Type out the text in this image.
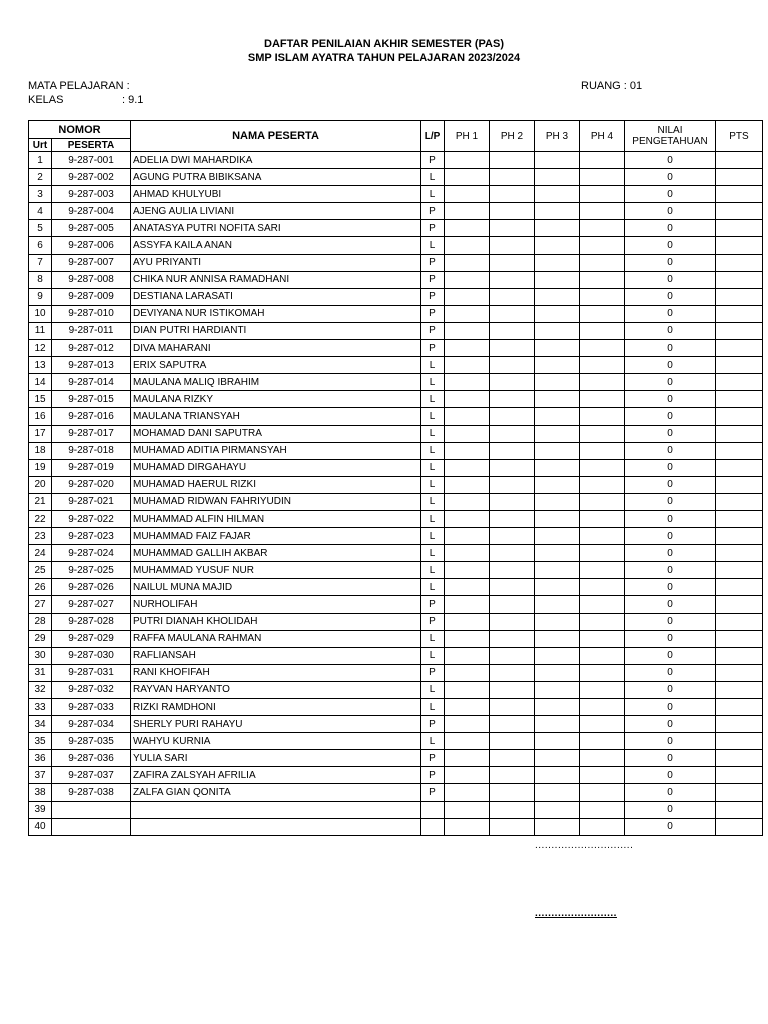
DAFTAR PENILAIAN AKHIR SEMESTER (PAS)
SMP ISLAM AYATRA TAHUN PELAJARAN 2023/2024
MATA PELAJARAN :	RUANG : 01
KELAS	: 9.1
NOMOR		NAMA PESERTA	L/P	PH 1	PH 2	PH 3	PH 4	NILAI
PENGETAHUAN	PTS
Urt	PESERTA								
1	9-287-001	ADELIA DWI MAHARDIKA	P					0	
2	9-287-002	AGUNG PUTRA BIBIKSANA	L					0	
3	9-287-003	AHMAD KHULYUBI	L					0	
4	9-287-004	AJENG AULIA LIVIANI	P					0	
5	9-287-005	ANATASYA PUTRI NOFITA SARI	P					0	
6	9-287-006	ASSYFA KAILA ANAN	L					0	
7	9-287-007	AYU PRIYANTI	P					0	
8	9-287-008	CHIKA NUR ANNISA RAMADHANI	P					0	
9	9-287-009	DESTIANA LARASATI	P					0	
10	9-287-010	DEVIYANA NUR ISTIKOMAH	P					0	
11	9-287-011	DIAN PUTRI HARDIANTI	P					0	
12	9-287-012	DIVA MAHARANI	P					0	
13	9-287-013	ERIX SAPUTRA	L					0	
14	9-287-014	MAULANA MALIQ IBRAHIM	L					0	
15	9-287-015	MAULANA RIZKY	L					0	
16	9-287-016	MAULANA TRIANSYAH	L					0	
17	9-287-017	MOHAMAD DANI SAPUTRA	L					0	
18	9-287-018	MUHAMAD ADITIA PIRMANSYAH	L					0	
19	9-287-019	MUHAMAD DIRGAHAYU	L					0	
20	9-287-020	MUHAMAD HAERUL RIZKI	L					0	
21	9-287-021	MUHAMAD RIDWAN FAHRIYUDIN	L					0	
22	9-287-022	MUHAMMAD ALFIN HILMAN	L					0	
23	9-287-023	MUHAMMAD FAIZ FAJAR	L					0	
24	9-287-024	MUHAMMAD GALLIH AKBAR	L					0	
25	9-287-025	MUHAMMAD YUSUF NUR	L					0	
26	9-287-026	NAILUL MUNA MAJID	L					0	
27	9-287-027	NURHOLIFAH	P					0	
28	9-287-028	PUTRI DIANAH KHOLIDAH	P					0	
29	9-287-029	RAFFA MAULANA RAHMAN	L					0	
30	9-287-030	RAFLIANSAH	L					0	
31	9-287-031	RANI KHOFIFAH	P					0	
32	9-287-032	RAYVAN HARYANTO	L					0	
33	9-287-033	RIZKI RAMDHONI	L					0	
34	9-287-034	SHERLY PURI RAHAYU	P					0	
35	9-287-035	WAHYU KURNIA	L					0	
36	9-287-036	YULIA SARI	P					0	
37	9-287-037	ZAFIRA ZALSYAH AFRILIA	P					0	
38	9-287-038	ZALFA GIAN QONITA	P					0	
39								0	
40								0	
..............................
.........................
